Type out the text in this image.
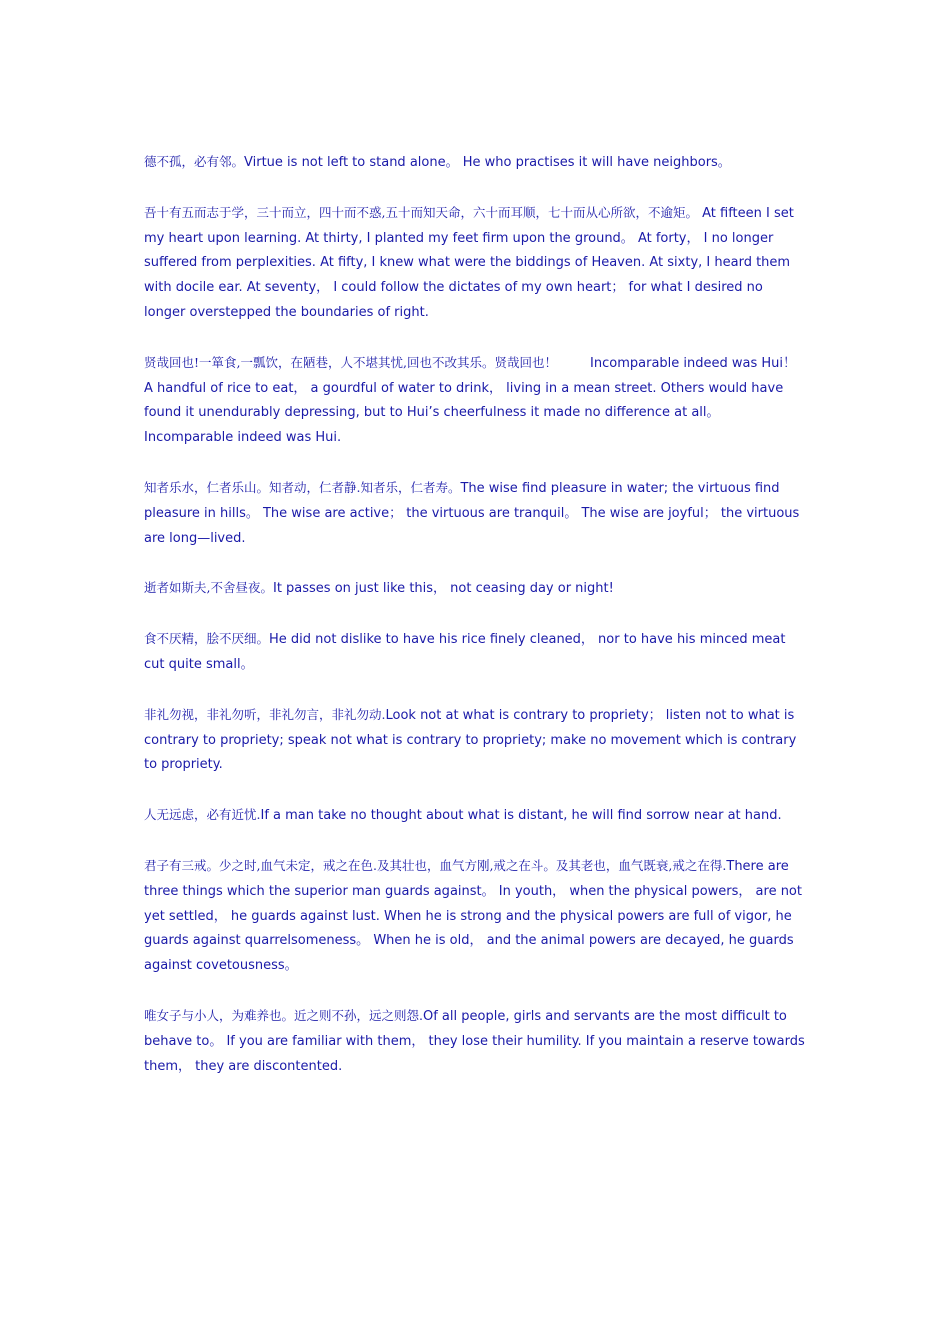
德不孤，必有邻。Virtue is not left to stand alone。 He who practises it will have neighbors。

吾十有五而志于学，三十而立，四十而不惑,五十而知天命，六十而耳顺，七十而从心所欲，不逾矩。 At fifteen I set my heart upon learning. At thirty, I planted my feet firm upon the ground。 At forty， I no longer suffered from perplexities. At fifty, I knew what were the biddings of Heaven. At sixty, I heard them with docile ear. At seventy， I could follow the dictates of my own heart； for what I desired no longer overstepped the boundaries of right.

贤哉回也!一箪食,一瓢饮，在陋巷，人不堪其忧,回也不改其乐。贤哉回也！        Incomparable indeed was Hui！ A handful of rice to eat， a gourdful of water to drink， living in a mean street. Others would have found it unendurably depressing, but to Hui’s cheerfulness it made no difference at all。 Incomparable indeed was Hui.

知者乐水，仁者乐山。知者动，仁者静.知者乐，仁者寿。The wise find pleasure in water; the virtuous find pleasure in hills。 The wise are active； the virtuous are tranquil。 The wise are joyful； the virtuous are long—lived.

逝者如斯夫,不舍昼夜。It passes on just like this， not ceasing day or night!

食不厌精，脍不厌细。He did not dislike to have his rice finely cleaned， nor to have his minced meat cut quite small。

非礼勿视，非礼勿听，非礼勿言，非礼勿动.Look not at what is contrary to propriety； listen not to what is contrary to propriety; speak not what is contrary to propriety; make no movement which is contrary to propriety.

人无远虑，必有近忧.If a man take no thought about what is distant, he will find sorrow near at hand.

君子有三戒。少之时,血气未定，戒之在色.及其壮也，血气方刚,戒之在斗。及其老也，血气既衰,戒之在得.There are three things which the superior man guards against。 In youth， when the physical powers， are not yet settled， he guards against lust. When he is strong and the physical powers are full of vigor, he guards against quarrelsomeness。 When he is old， and the animal powers are decayed, he guards against covetousness。

唯女子与小人，为难养也。近之则不孙，远之则怨.Of all people, girls and servants are the most difficult to behave to。 If you are familiar with them， they lose their humility. If you maintain a reserve towards them， they are discontented.
